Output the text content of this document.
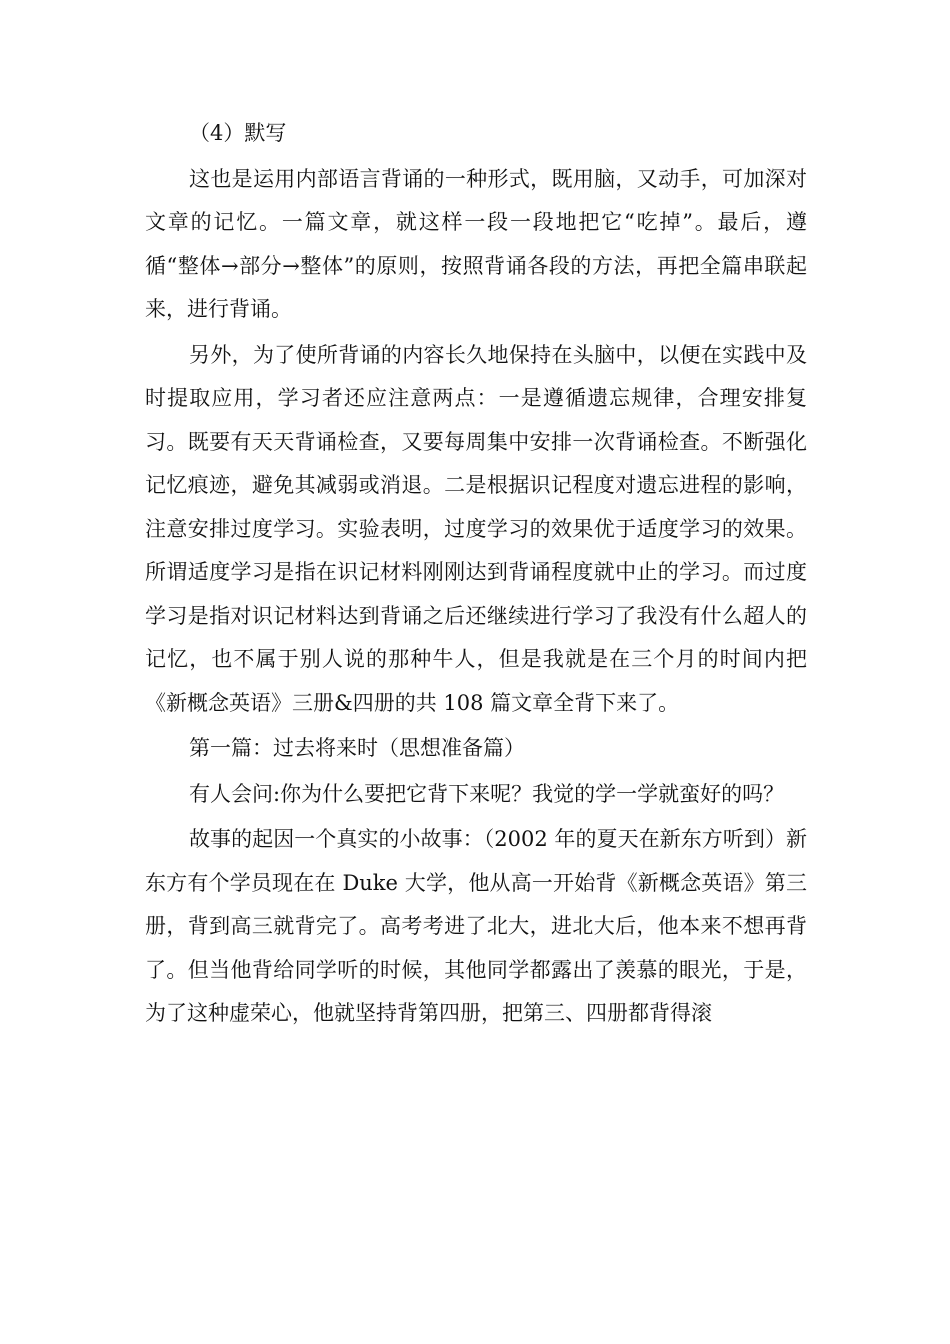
（4）默写

这也是运用内部语言背诵的一种形式，既用脑，又动手，可加深对文章的记忆。一篇文章，就这样一段一段地把它“吃掉”。最后，遵循“整体→部分→整体”的原则，按照背诵各段的方法，再把全篇串联起来，进行背诵。

另外，为了使所背诵的内容长久地保持在头脑中，以便在实践中及时提取应用，学习者还应注意两点：一是遵循遗忘规律，合理安排复习。既要有天天背诵检查，又要每周集中安排一次背诵检查。不断强化记忆痕迹，避免其减弱或消退。二是根据识记程度对遗忘进程的影响，注意安排过度学习。实验表明，过度学习的效果优于适度学习的效果。所谓适度学习是指在识记材料刚刚达到背诵程度就中止的学习。而过度学习是指对识记材料达到背诵之后还继续进行学习了我没有什么超人的记忆，也不属于别人说的那种牛人，但是我就是在三个月的时间内把《新概念英语》三册&四册的共 108 篇文章全背下来了。

第一篇：过去将来时（思想准备篇）

有人会问:你为什么要把它背下来呢？我觉的学一学就蛮好的吗？

故事的起因一个真实的小故事：（2002 年的夏天在新东方听到）新东方有个学员现在在 Duke 大学，他从高一开始背《新概念英语》第三册，背到高三就背完了。高考考进了北大，进北大后，他本来不想再背了。但当他背给同学听的时候，其他同学都露出了羡慕的眼光，于是，为了这种虚荣心，他就坚持背第四册，把第三、四册都背得滚
